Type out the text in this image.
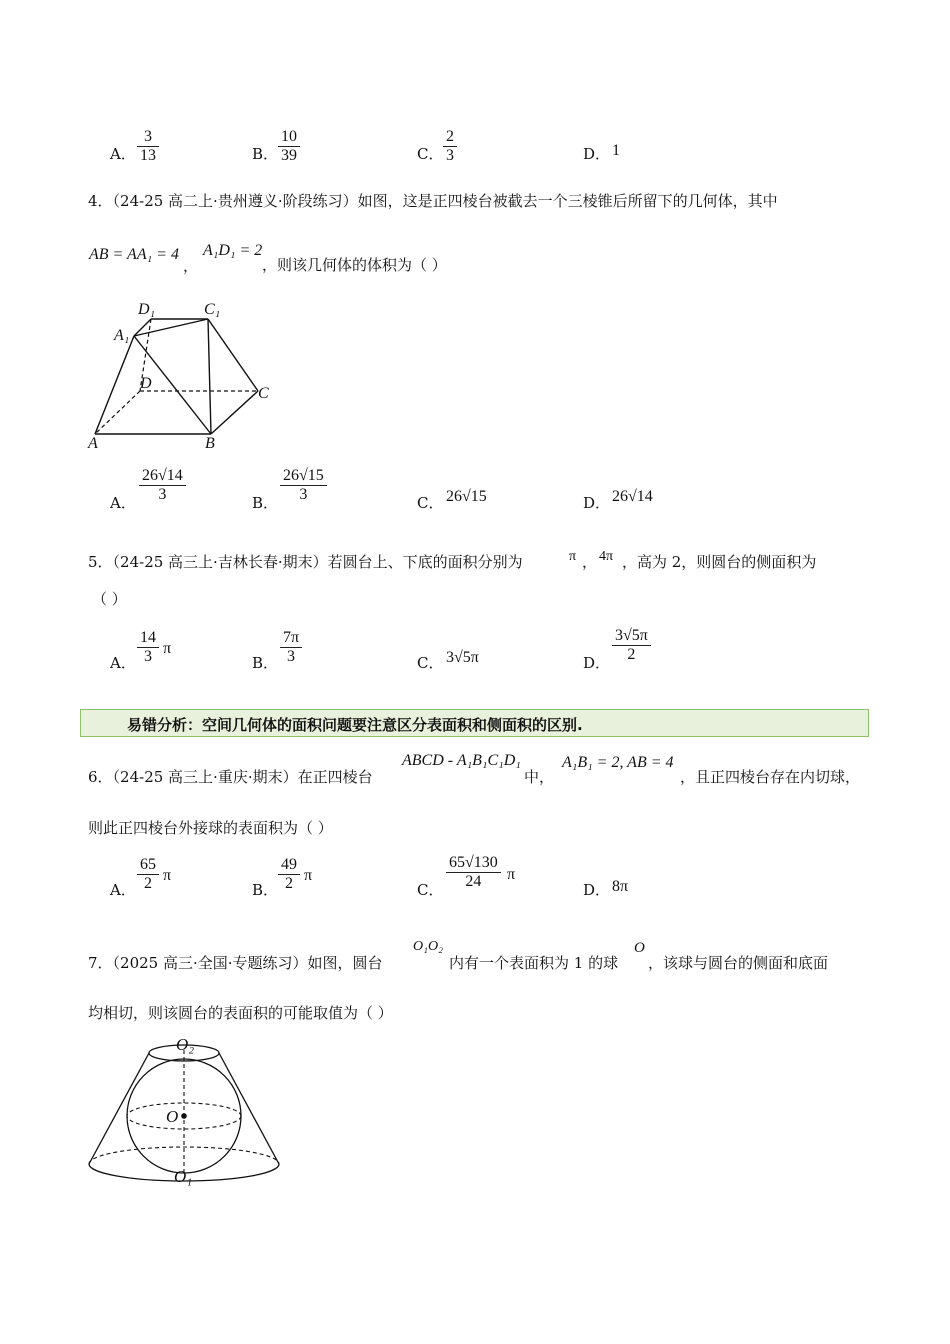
A． $\frac{3}{13}$	B． $\frac{10}{39}$	C． $\frac{2}{3}$	D． 1
4．（24-25 高二上·贵州遵义·阶段练习）如图，这是正四棱台被截去一个三棱锥后所留下的几何体，其中
AB = AA₁ = 4
，
A₁D₁ = 2
，则该几何体的体积为（ ）
D₁	C₁
A₁
D
C
A	B
A． $\frac{26√14}{3}$	B． $\frac{26√15}{3}$	C． 26√15	D． 26√14
5．（24-25 高三上·吉林长春·期末）若圆台上、下底的面积分别为	π ， 4π ，高为 2，则圆台的侧面积为
（ ）
A． $\frac{14}{3}$ π
B． $\frac{7\pi}{3}$	C． 3√5π	D． $\frac{3√5\pi}{2}$
易错分析：空间几何体的面积问题要注意区分表面积和侧面积的区别.
6．（24-25 高三上·重庆·期末）在正四棱台
ABCD - A₁B₁C₁D₁
中，
A₁B₁ = 2, AB = 4
，且正四棱台存在内切球，
则此正四棱台外接球的表面积为（ ）
A． $\frac{65}{2}$ π
B． $\frac{49}{2}$ π
C． $\frac{65√130}{24}$ π
D． 8π
7．（2025 高三·全国·专题练习）如图，圆台
O₁O₂
内有一个表面积为 1 的球
O
，该球与圆台的侧面和底面
均相切，则该圆台的表面积的可能取值为（ ）
O₂
O
O₁
